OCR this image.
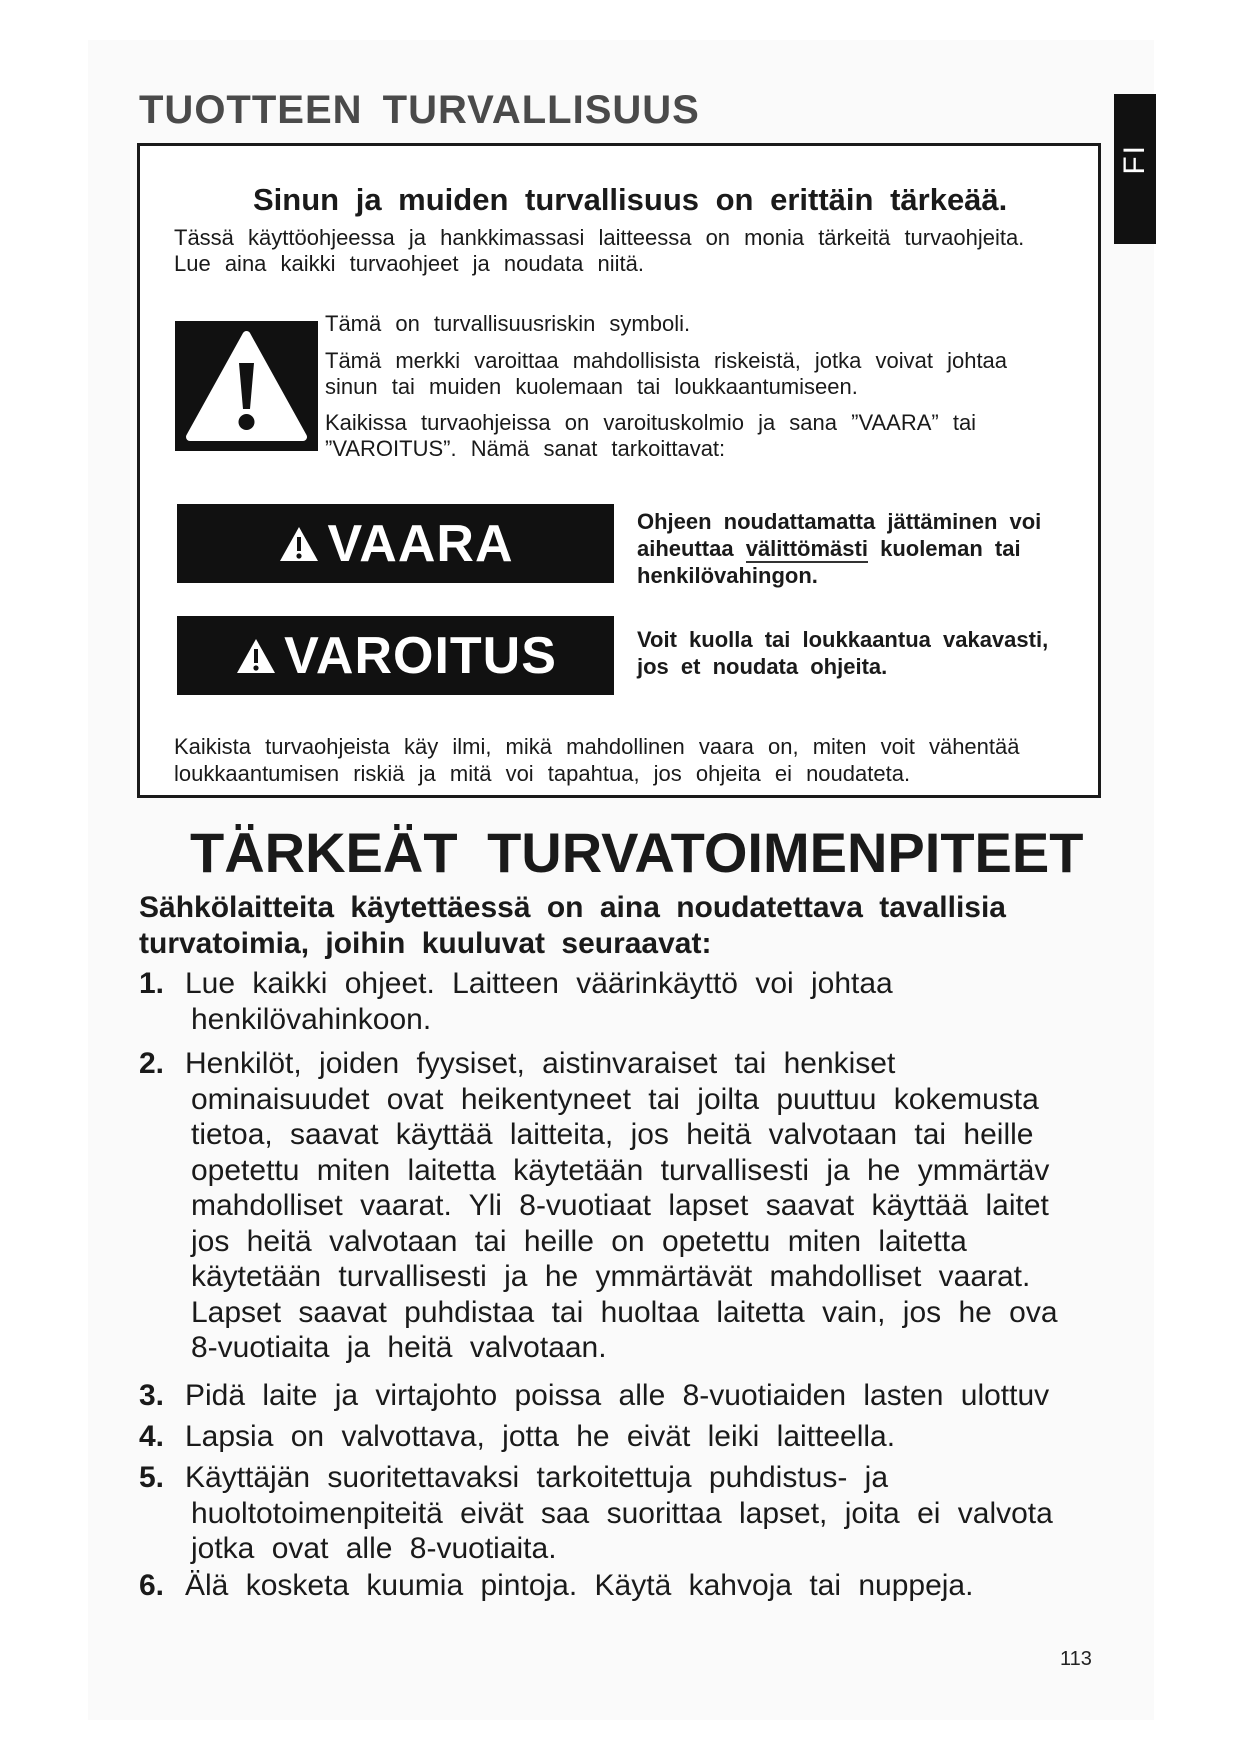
FI
TUOTTEEN TURVALLISUUS
Sinun ja muiden turvallisuus on erittäin tärkeää.
Tässä käyttöohjeessa ja hankkimassasi laitteessa on monia tärkeitä turvaohjeita.
Lue aina kaikki turvaohjeet ja noudata niitä.
Tämä on turvallisuusriskin symboli.
Tämä merkki varoittaa mahdollisista riskeistä, jotka voivat johtaa
sinun tai muiden kuolemaan tai loukkaantumiseen.
Kaikissa turvaohjeissa on varoituskolmio ja sana ”VAARA” tai
”VAROITUS”. Nämä sanat tarkoittavat:
VAARA	Ohjeen noudattamatta jättäminen voi
aiheuttaa välittömästi kuoleman tai
henkilövahingon.
VAROITUS	Voit kuolla tai loukkaantua vakavasti,
jos et noudata ohjeita.
Kaikista turvaohjeista käy ilmi, mikä mahdollinen vaara on, miten voit vähentää
loukkaantumisen riskiä ja mitä voi tapahtua, jos ohjeita ei noudateta.
TÄRKEÄT TURVATOIMENPITEET
Sähkölaitteita käytettäessä on aina noudatettava tavallisia
turvatoimia, joihin kuuluvat seuraavat:
1. Lue kaikki ohjeet. Laitteen väärinkäyttö voi johtaa
henkilövahinkoon.
2. Henkilöt, joiden fyysiset, aistinvaraiset tai henkiset
ominaisuudet ovat heikentyneet tai joilta puuttuu kokemusta
tietoa, saavat käyttää laitteita, jos heitä valvotaan tai heille
opetettu miten laitetta käytetään turvallisesti ja he ymmärtäv
mahdolliset vaarat. Yli 8-vuotiaat lapset saavat käyttää laitet
jos heitä valvotaan tai heille on opetettu miten laitetta
käytetään turvallisesti ja he ymmärtävät mahdolliset vaarat.
Lapset saavat puhdistaa tai huoltaa laitetta vain, jos he ova
8-vuotiaita ja heitä valvotaan.
3. Pidä laite ja virtajohto poissa alle 8-vuotiaiden lasten ulottuv
4. Lapsia on valvottava, jotta he eivät leiki laitteella.
5. Käyttäjän suoritettavaksi tarkoitettuja puhdistus- ja
huoltotoimenpiteitä eivät saa suorittaa lapset, joita ei valvota
jotka ovat alle 8-vuotiaita.
6. Älä kosketa kuumia pintoja. Käytä kahvoja tai nuppeja.
113
